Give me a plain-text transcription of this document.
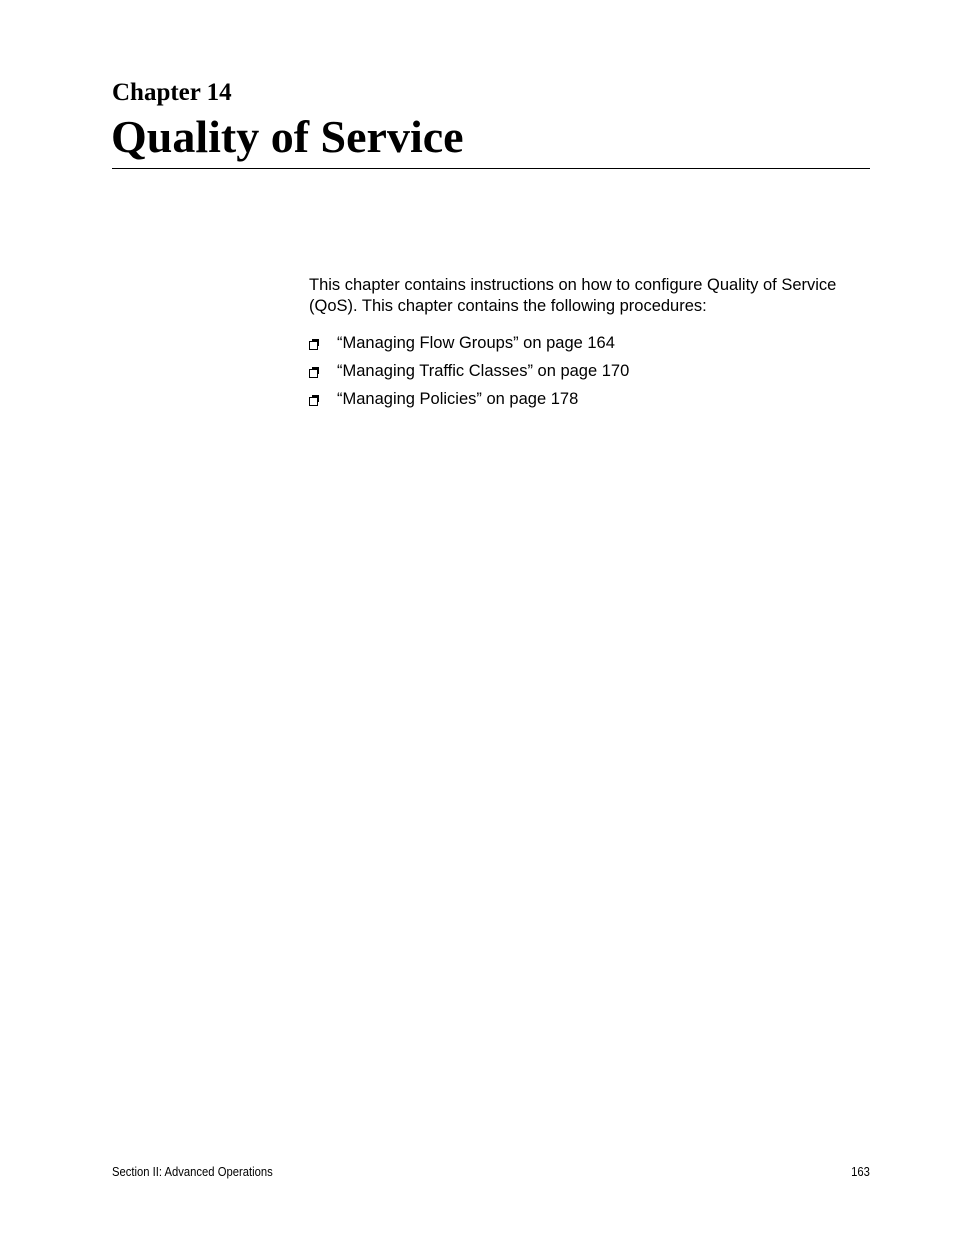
Chapter 14
Quality of Service

This chapter contains instructions on how to configure Quality of Service (QoS). This chapter contains the following procedures:

“Managing Flow Groups” on page 164
“Managing Traffic Classes” on page 170
“Managing Policies” on page 178
Section II: Advanced Operations	163
